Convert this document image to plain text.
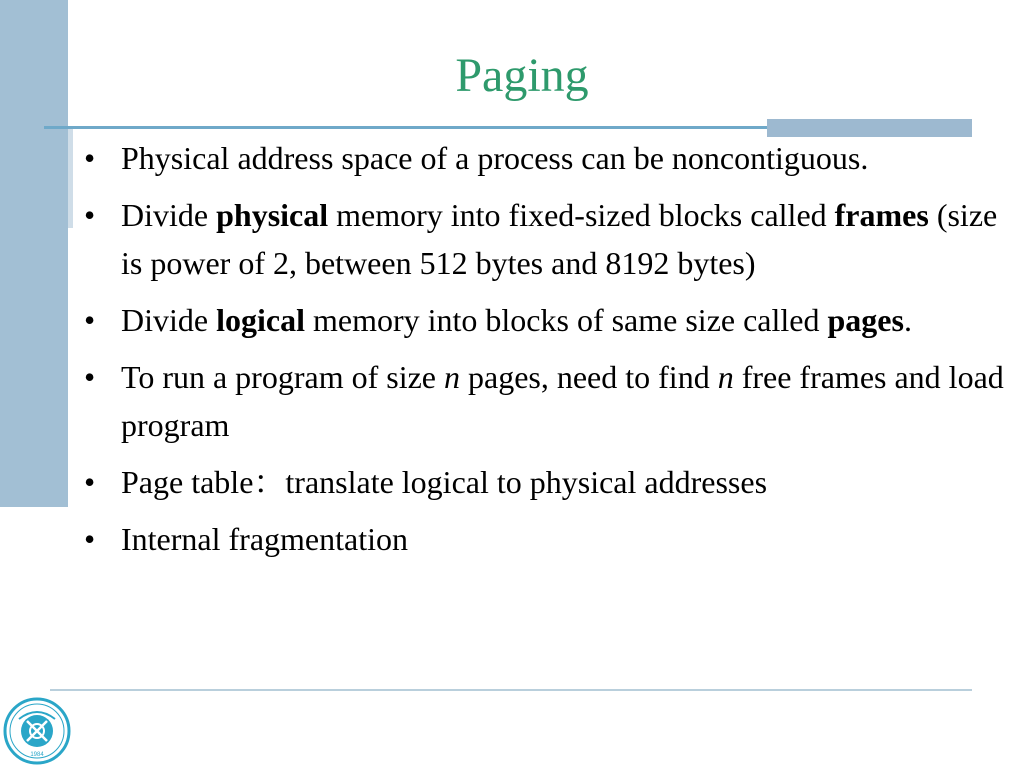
Paging
• Physical address space of a process can be noncontiguous.
• Divide physical memory into fixed-sized blocks called frames (size is power of 2, between 512 bytes and 8192 bytes)
• Divide logical memory into blocks of same size called pages.
• To run a program of size n pages, need to find n free frames and load program
• Page table：translate logical to physical addresses
• Internal fragmentation
1984
